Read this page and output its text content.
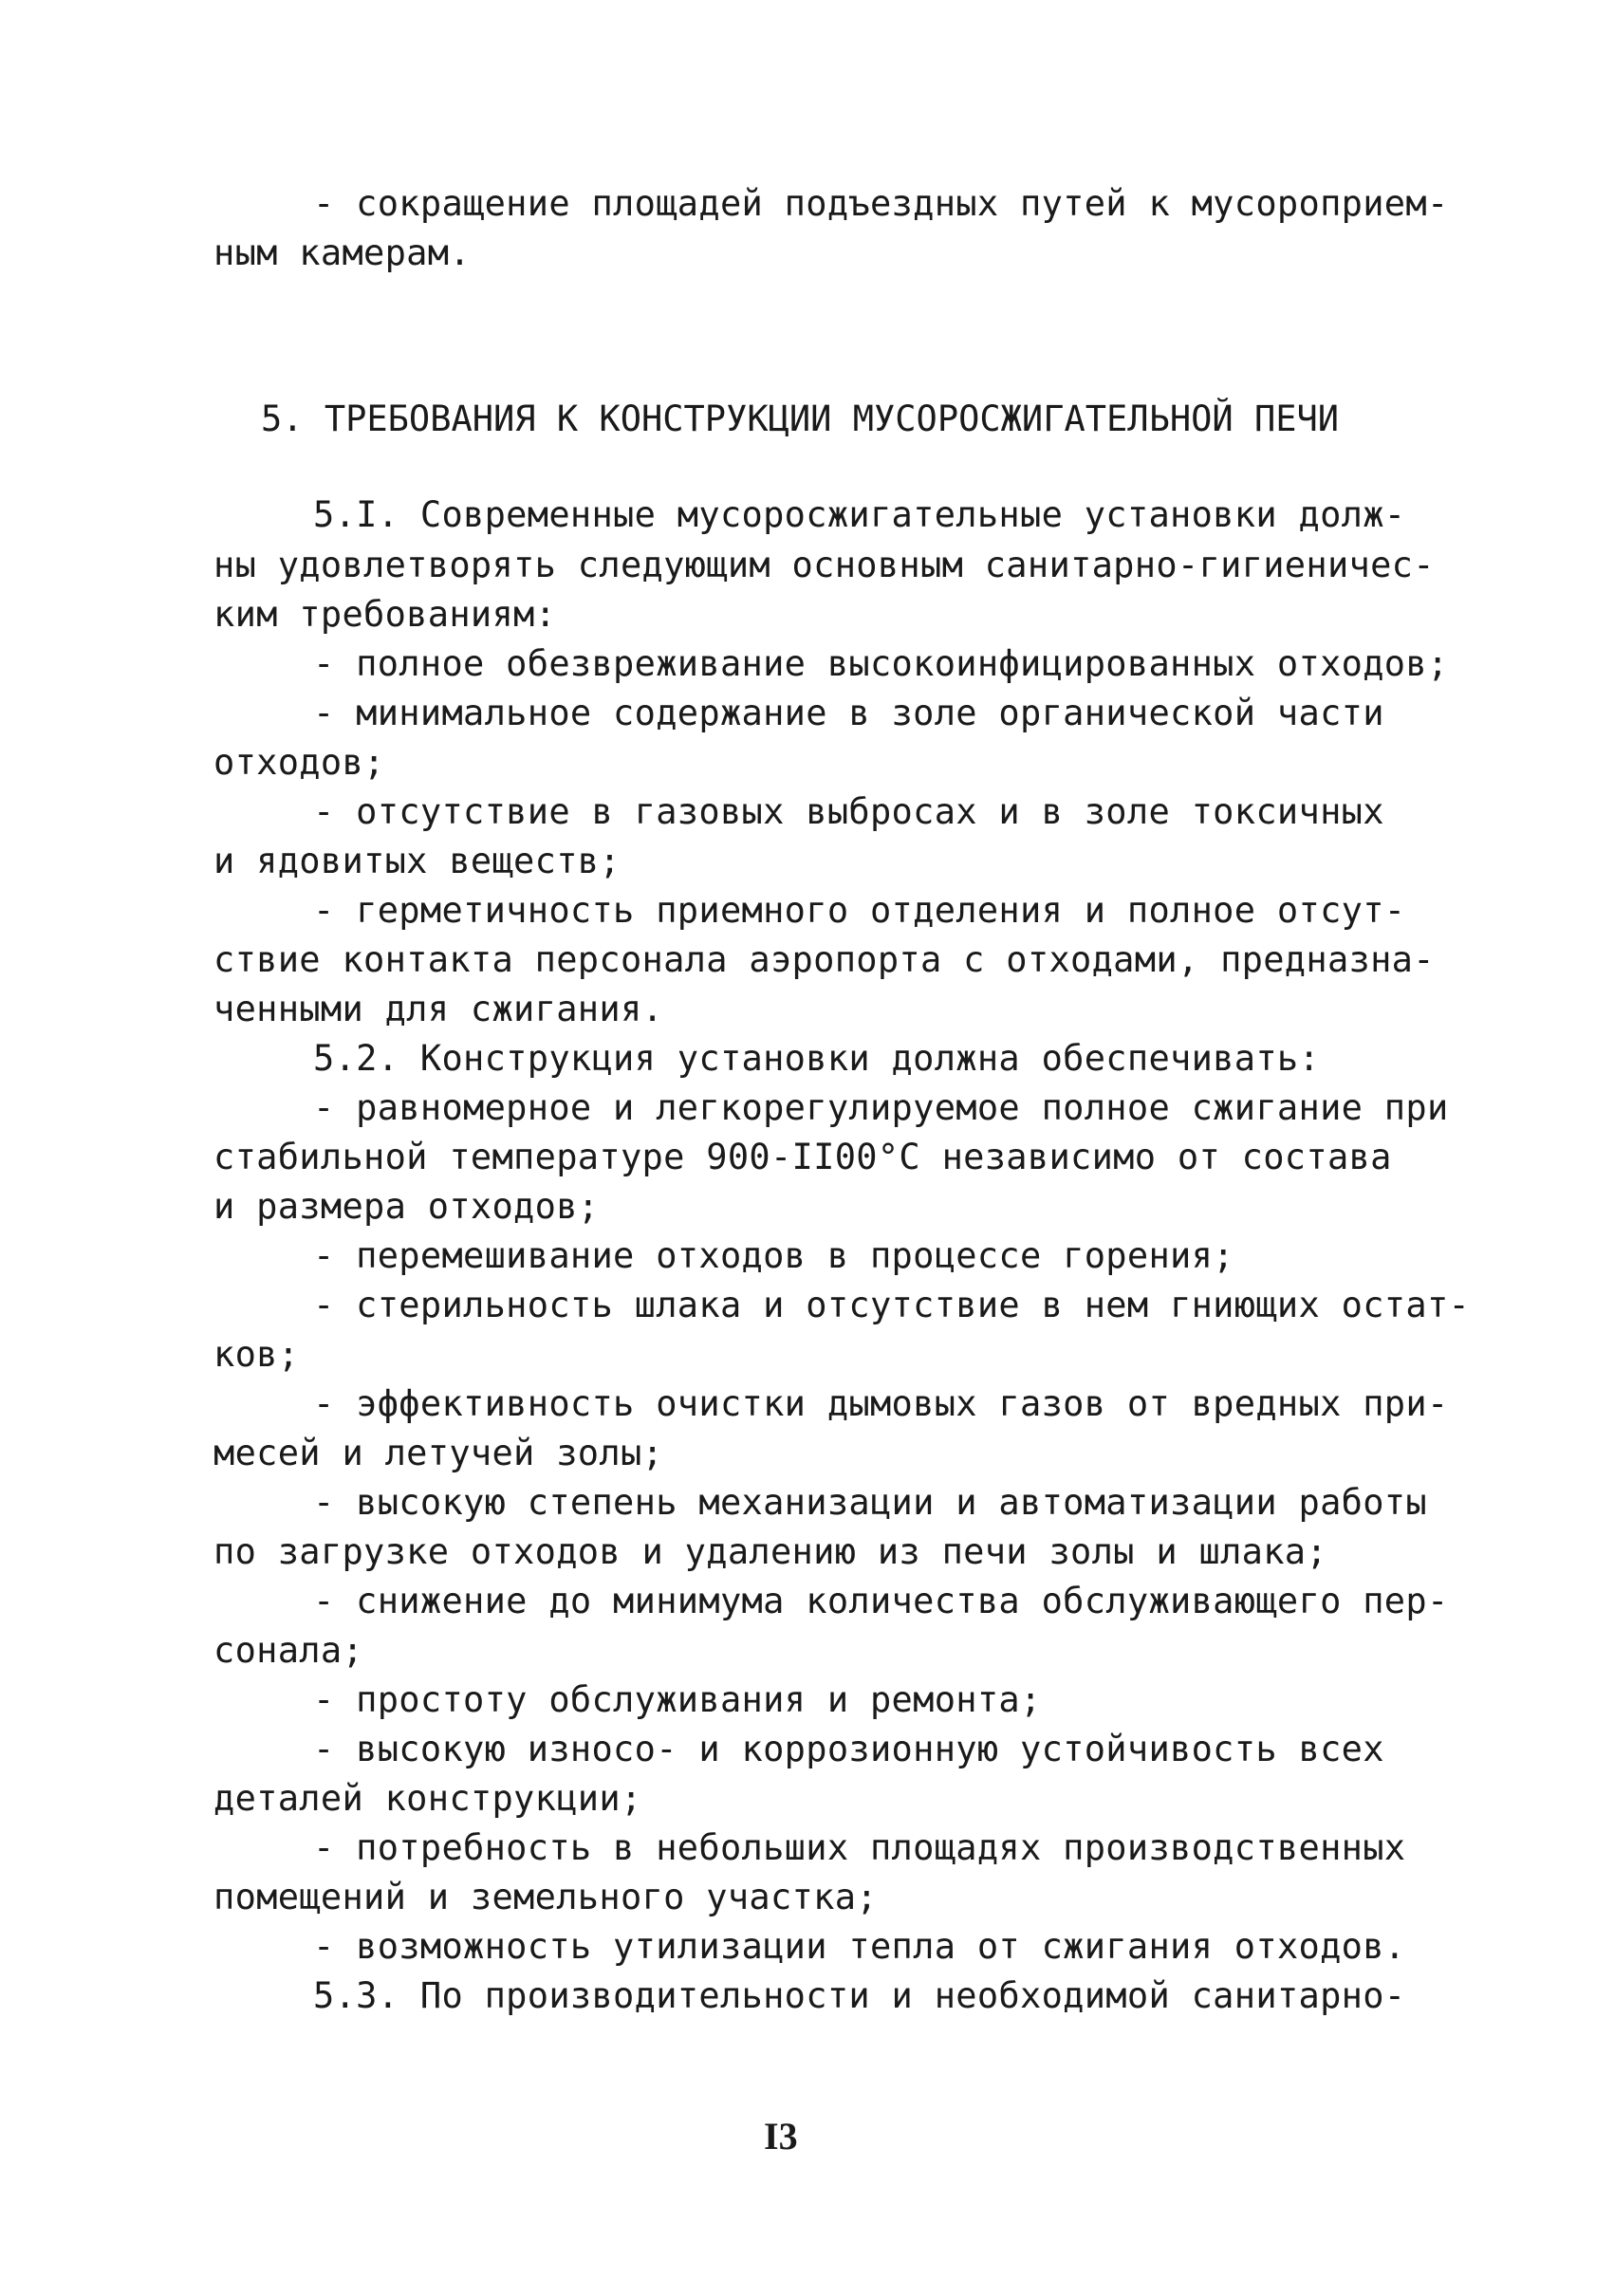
- сокращение площадей подъездных путей к мусороприем-
ным камерам.
5. ТРЕБОВАНИЯ К КОНСТРУКЦИИ МУСОРОСЖИГАТЕЛЬНОЙ ПЕЧИ
5.I. Современные мусоросжигательные установки долж-
ны удовлетворять следующим основным санитарно-гигиеничес-
ким требованиям:
- полное обезвреживание высокоинфицированных отходов;
- минимальное содержание в золе органической части
отходов;
- отсутствие в газовых выбросах и в золе токсичных
и ядовитых веществ;
- герметичность приемного отделения и полное отсут-
ствие контакта персонала аэропорта с отходами, предназна-
ченными для сжигания.
5.2. Конструкция установки должна обеспечивать:
- равномерное и легкорегулируемое полное сжигание при
стабильной температуре 900-II00°C независимо от состава
и размера отходов;
- перемешивание отходов в процессе горения;
- стерильность шлака и отсутствие в нем гниющих остат-
ков;
- эффективность очистки дымовых газов от вредных при-
месей и летучей золы;
- высокую степень механизации и автоматизации работы
по загрузке отходов и удалению из печи золы и шлака;
- снижение до минимума количества обслуживающего пер-
сонала;
- простоту обслуживания и ремонта;
- высокую износо- и коррозионную устойчивость всех
деталей конструкции;
- потребность в небольших площадях производственных
помещений и земельного участка;
- возможность утилизации тепла от сжигания отходов.
5.3. По производительности и необходимой санитарно-
I3
